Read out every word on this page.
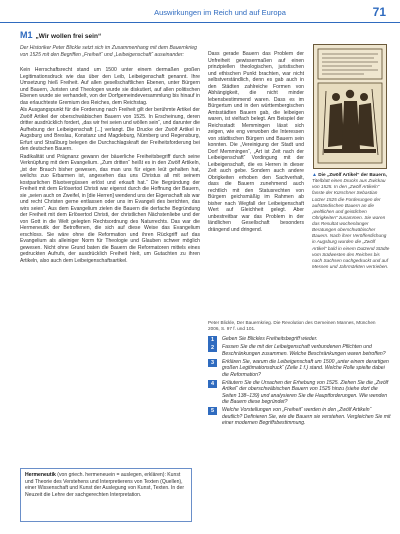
Auswirkungen im Reich und auf Europa	71
M1 „Wir wollen frei sein“

Der Historiker Peter Blickle setzt sich im Zusammenhang mit dem Bauernkrieg von 1525 mit den Begriffen „Freiheit“ und „Leibeigenschaft“ auseinander:

Kein Herrschaftsrecht stand um 1500 unter einem dermaßen großen Legitimationsdruck wie das über den Leib, Leibeigenschaft genannt. Ihre Umsetzung hieß Freiheit. Auf allen gesellschaftlichen Ebenen, unter Bürgern und Bauern, Juristen und Theologen wurde sie diskutiert, auf allen politischen Ebenen wurde sie verhandelt, von der Dorfgemeindeversammlung bis hinauf in das erlauchteste Gremium des Reiches, dem Reichstag.

Als Ausgangspunkt für die Forderung nach Freiheit gilt der berühmte Artikel der Zwölf Artikel der oberschwäbischen Bauern von 1525. In Erscheinung, deren dritter ausdrücklich fordert, „das wir frei seien und wöllen sein“, und darunter die Aufhebung der Leibeigenschaft [...] verlangt. Die Drucke der Zwölf Artikel in Augsburg und Breslau, Konstanz und Magdeburg, Nürnberg und Regensburg, Erfurt und Straßburg belegen die Durchschlagskraft der Freiheitsforderung bei den deutschen Bauern.

Radikalität und Prägnanz gewann der bäuerliche Freiheitsbegriff durch seine Verknüpfung mit dem Evangelium. „Zum dritten“ heißt es in den Zwölf Artikeln, „ist der Brauch bisher gewesen, das man uns für eigen leüt gehalten hat, welichs zuo Erbarmen ist, angesehen das uns Christus all mit seinem kostparlichen Bluotvergüssen erlöst und erkauft hat.“ Die Begründung der Freiheit mit dem Erlösertod Christi war eigenst durch die Hoffnung der Bauern, sie „seien auch on Zweifel, in [die Herren] wendend uns der Eigenschaft als war und recht Christen gerne entlassen oder uns im Evangeli des berichten, das wirs seien“. Aus dem Evangelium zielen die Bauern die derfache Begründung der Freiheit mit dem Erlösertod Christi, der christlichen Nächstenliebe und der von Gott in die Welt gelegten Rechtsordnung des Naturrechts. Das war die Hermeneutik der Betroffenen, die sich auf diese Weise das Evangelium erschloss. Sie wäre ohne die Reformation und ihren Rückgriff auf das Evangelium als alleiniger Norm für Theologie und Glauben schwer möglich gewesen. Nicht ohne Grund baten die Bauern die Reformatoren mittels eines gedruckten Aufrufs, der ausdrücklich Freiheit hielt, um Gutachten zu ihren Artikeln, also auch dem Leibeigenschaftsartikel.

Dass gerade Bauern das Problem der Unfreiheit gewissermaßen auf einen prinzipiellen theologischen, juristischen und ethischen Punkt brachten, war nicht selbstverständlich, denn es gab auch in den Städten zahlreiche Formen von Abhängigkeit, die nicht minder lebensbestimmend waren. Dass es im Bürgertum und in den württembergischen Amtsstädten Bauern gab, die leibeigen waren, ist vielfach belegt. Am Beispiel der Reichsstadt Memmingen lässt sich zeigen, wie eng verwoben die Interessen von städtischen Bürgern und Bauern sein konnten. Die „Vereinigung der Stadt und Dorf Memmingen“, „Art ist Zeit nach der Leibeigenschaft“ Vordingung mit der Leibeigenschaft, die es Herren in dieser Zeit auch gebe. Sondern auch andere Obrigkeiten erhoben den Sachverhalt, dass die Bauern zunehmend auch rechtlich mit den Statusrechten von Bürgern geichsmäßig im Rahmen ab bisher nach Wegfall der Leibeigenschaft Wert auf Gleichheit gelegt. Aber unbestreitbar war das Problem in der ländlichen Gesellschaft besonders drängend und dringend.

▲ Die „Zwölf Artikel“ der Bauern, Titelblatt eines Drucks aus Zwickau von 1525. In den „Zwölf Artikeln“ fasste der Kürschner Sebastian Lotzer 1525 die Forderungen der aufständischen Bauern an die „weltlichen und geistlichen Obrigkeiten“ zusammen. Sie waren das Resultat wochenlanger Beratungen oberschwäbischer Bauern. Nach ihrer Veröffentlichung in Augsburg wurden die „Zwölf Artikel“ bald in einem Dutzend Städte vom Südwesten des Reiches bis nach Sachsen nachgedruckt und auf Messen und Jahrmärkten vertrieben.

Peter Blickle, Der Bauernkrieg. Die Revolution des Gemeinen Mannes, München 2006, S. 97 f. und 101.

1	Geben Sie Blickles Freiheitsbegriff wieder.
2	Fassen Sie die mit der Leibeigenschaft verbundenen Pflichten und Beschränkungen zusammen. Welche Beschränkungen waren betroffen?
3	Erklären Sie, warum die Leibeigenschaft um 1500 „unter einem derartigen großen Legitimationsdruck“ (Zeile 1 f.) stand. Welche Rolle spielte dabei die Reformation?
4	Erläutern Sie die Ursachen der Erhebung von 1525. Ziehen Sie die „Zwölf Artikel“ der oberschwäbischen Bauern von 1525 hinzu (siehe dort die Seiten 138–139) und analysieren Sie die Hauptforderungen. Wie wenden die Bauern diese begründet?
5	Welche Vorstellungen von „Freiheit“ werden in den „Zwölf Artikeln“ deutlich? Definieren Sie, wie die Bauern sie verstehen. Vergleichen Sie mit einer modernen Begriffsbestimmung.
Hermeneutik (von griech. hermeneuein = auslegen, erklären): Kunst und Theorie des Verstehens und Interpretierens von Texten (Quellen), einer Wissenschaft und Kunst der Auslegung von Kunst, Texten. In der Neuzeit die Lehre der sachgerechten Interpretation.
